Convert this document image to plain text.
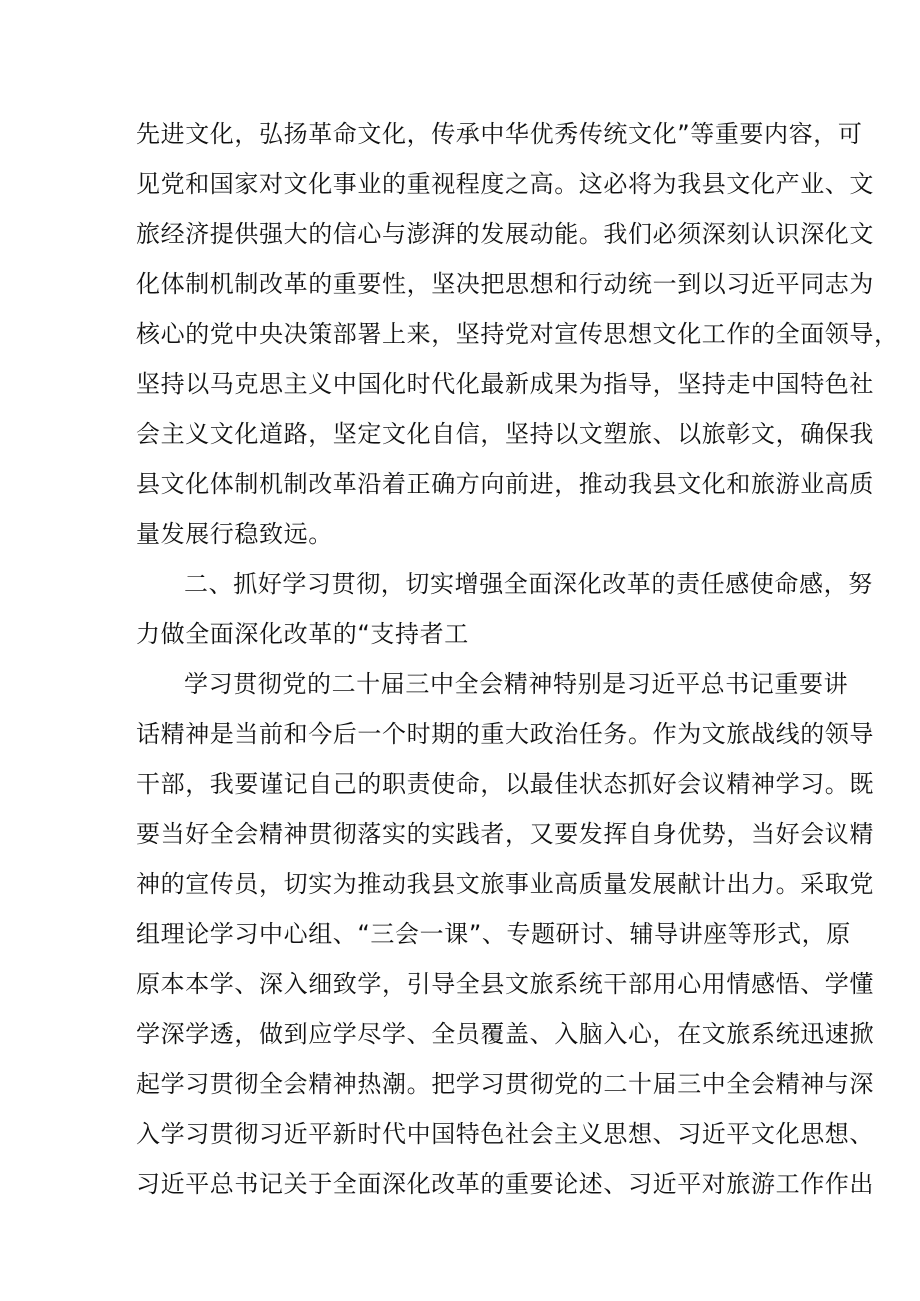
先进文化，弘扬革命文化，传承中华优秀传统文化”等重要内容，可
见党和国家对文化事业的重视程度之高。这必将为我县文化产业、文
旅经济提供强大的信心与澎湃的发展动能。我们必须深刻认识深化文
化体制机制改革的重要性，坚决把思想和行动统一到以习近平同志为
核心的党中央决策部署上来，坚持党对宣传思想文化工作的全面领导，
坚持以马克思主义中国化时代化最新成果为指导，坚持走中国特色社
会主义文化道路，坚定文化自信，坚持以文塑旅、以旅彰文，确保我
县文化体制机制改革沿着正确方向前进，推动我县文化和旅游业高质
量发展行稳致远。
二、抓好学习贯彻，切实增强全面深化改革的责任感使命感，努
力做全面深化改革的“支持者工
学习贯彻党的二十届三中全会精神特别是习近平总书记重要讲
话精神是当前和今后一个时期的重大政治任务。作为文旅战线的领导
干部，我要谨记自己的职责使命，以最佳状态抓好会议精神学习。既
要当好全会精神贯彻落实的实践者，又要发挥自身优势，当好会议精
神的宣传员，切实为推动我县文旅事业高质量发展献计出力。采取党
组理论学习中心组、“三会一课”、专题研讨、辅导讲座等形式，原
原本本学、深入细致学，引导全县文旅系统干部用心用情感悟、学懂
学深学透，做到应学尽学、全员覆盖、入脑入心，在文旅系统迅速掀
起学习贯彻全会精神热潮。把学习贯彻党的二十届三中全会精神与深
入学习贯彻习近平新时代中国特色社会主义思想、习近平文化思想、
习近平总书记关于全面深化改革的重要论述、习近平对旅游工作作出
